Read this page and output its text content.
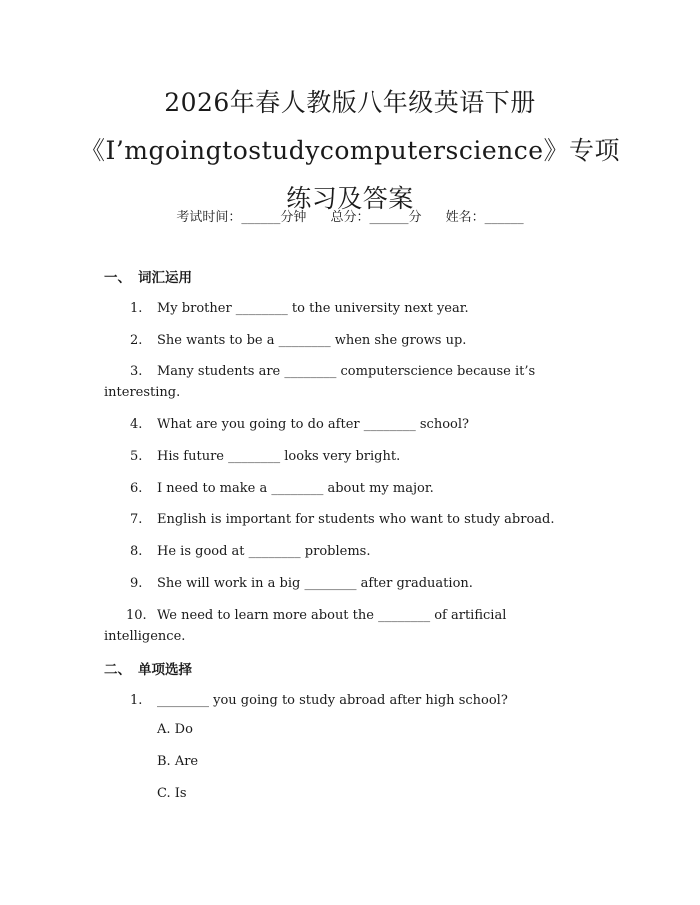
2026年春人教版八年级英语下册
《I’mgoingtostudycomputerscience》专项
练习及答案
考试时间：______分钟 总分：______分 姓名：______
一、 词汇运用
1. My brother ________ to the university next year.
2. She wants to be a ________ when she grows up.
3. Many students are ________ computerscience because it’s
interesting.
4. What are you going to do after ________ school?
5. His future ________ looks very bright.
6. I need to make a ________ about my major.
7. English is important for students who want to study abroad.
8. He is good at ________ problems.
9. She will work in a big ________ after graduation.
10. We need to learn more about the ________ of artificial
intelligence.
二、 单项选择
1. ________ you going to study abroad after high school?
A. Do
B. Are
C. Is
